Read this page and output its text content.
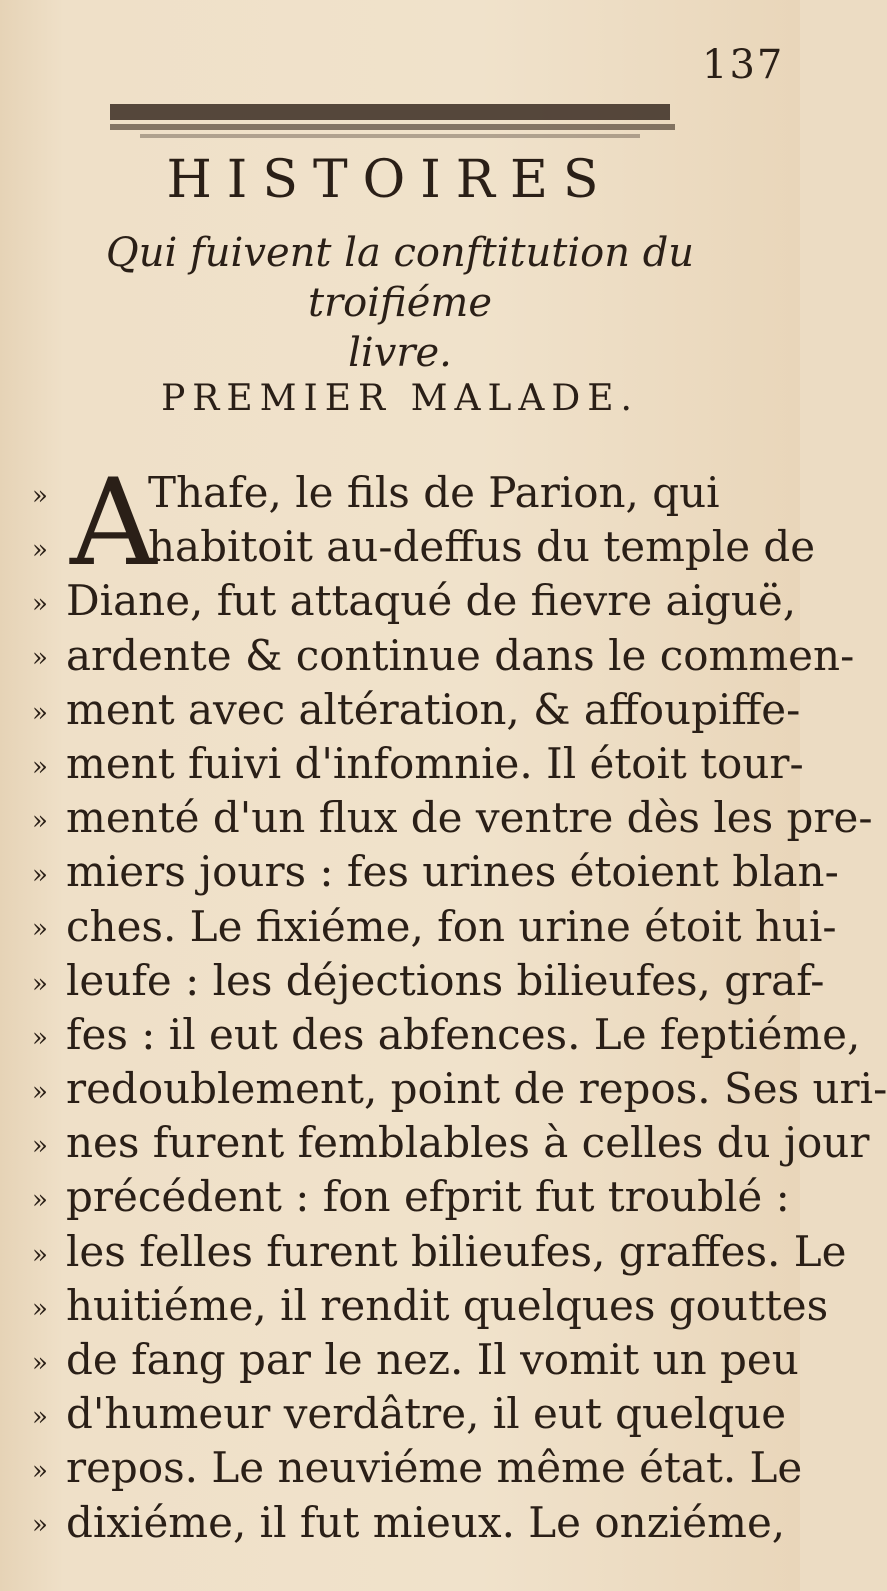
137
HISTOIRES
Qui fuivent la conftitution du troifiéme
livre.
PREMIER MALADE.
A
» Thafe, le fils de Parion, qui
» habitoit au-deffus du temple de
» Diane, fut attaqué de fievre aiguë,
» ardente & continue dans le commen-
» ment avec altération, & affoupiffe-
» ment fuivi d'infomnie. Il étoit tour-
» menté d'un flux de ventre dès les pre-
» miers jours : fes urines étoient blan-
» ches. Le fixiéme, fon urine étoit hui-
» leufe : les déjections bilieufes, graf-
» fes : il eut des abfences. Le feptiéme,
» redoublement, point de repos. Ses uri-
» nes furent femblables à celles du jour
» précédent : fon efprit fut troublé :
» les felles furent bilieufes, graffes. Le
» huitiéme, il rendit quelques gouttes
» de fang par le nez. Il vomit un peu
» d'humeur verdâtre, il eut quelque
» repos. Le neuviéme même état. Le
» dixiéme, il fut mieux. Le onziéme,
